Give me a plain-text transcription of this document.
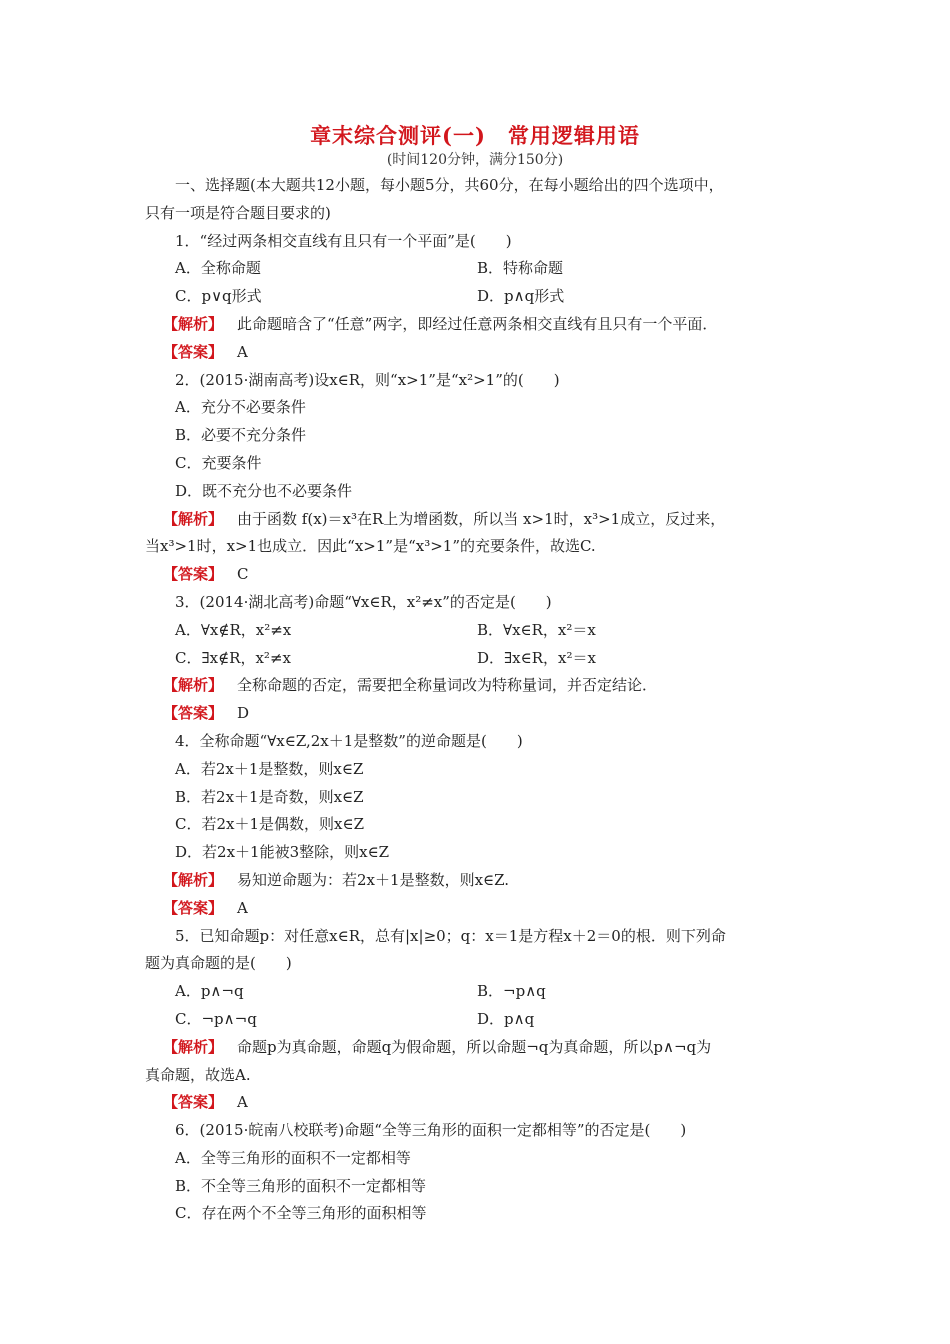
章末综合测评(一)　常用逻辑用语
(时间120分钟，满分150分)

一、选择题(本大题共12小题，每小题5分，共60分，在每小题给出的四个选项中，

只有一项是符合题目要求的)

1．“经过两条相交直线有且只有一个平面”是(　　)

A．全称命题	B．特称命题
C．p∨q形式	D．p∧q形式

【解析】 此命题暗含了“任意”两字，即经过任意两条相交直线有且只有一个平面．

【答案】 A

2．(2015·湖南高考)设x∈R，则“x>1”是“x²>1”的(　　)

A．充分不必要条件

B．必要不充分条件

C．充要条件

D．既不充分也不必要条件

【解析】 由于函数 f(x)＝x³在R上为增函数，所以当 x>1时，x³>1成立，反过来，

当x³>1时，x>1也成立．因此“x>1”是“x³>1”的充要条件，故选C.

【答案】 C

3．(2014·湖北高考)命题“∀x∈R，x²≠x”的否定是(　　)

A．∀x∉R，x²≠x	B．∀x∈R，x²＝x
C．∃x∉R，x²≠x	D．∃x∈R，x²＝x

【解析】 全称命题的否定，需要把全称量词改为特称量词，并否定结论．

【答案】 D

4．全称命题“∀x∈Z,2x＋1是整数”的逆命题是(　　)

A．若2x＋1是整数，则x∈Z

B．若2x＋1是奇数，则x∈Z

C．若2x＋1是偶数，则x∈Z

D．若2x＋1能被3整除，则x∈Z

【解析】 易知逆命题为：若2x＋1是整数，则x∈Z.

【答案】 A

5．已知命题p：对任意x∈R，总有|x|≥0；q：x＝1是方程x＋2＝0的根．则下列命

题为真命题的是(　　)

A．p∧¬q	B．¬p∧q
C．¬p∧¬q	D．p∧q

【解析】 命题p为真命题，命题q为假命题，所以命题¬q为真命题，所以p∧¬q为

真命题，故选A.

【答案】 A

6．(2015·皖南八校联考)命题“全等三角形的面积一定都相等”的否定是(　　)

A．全等三角形的面积不一定都相等

B．不全等三角形的面积不一定都相等

C．存在两个不全等三角形的面积相等
